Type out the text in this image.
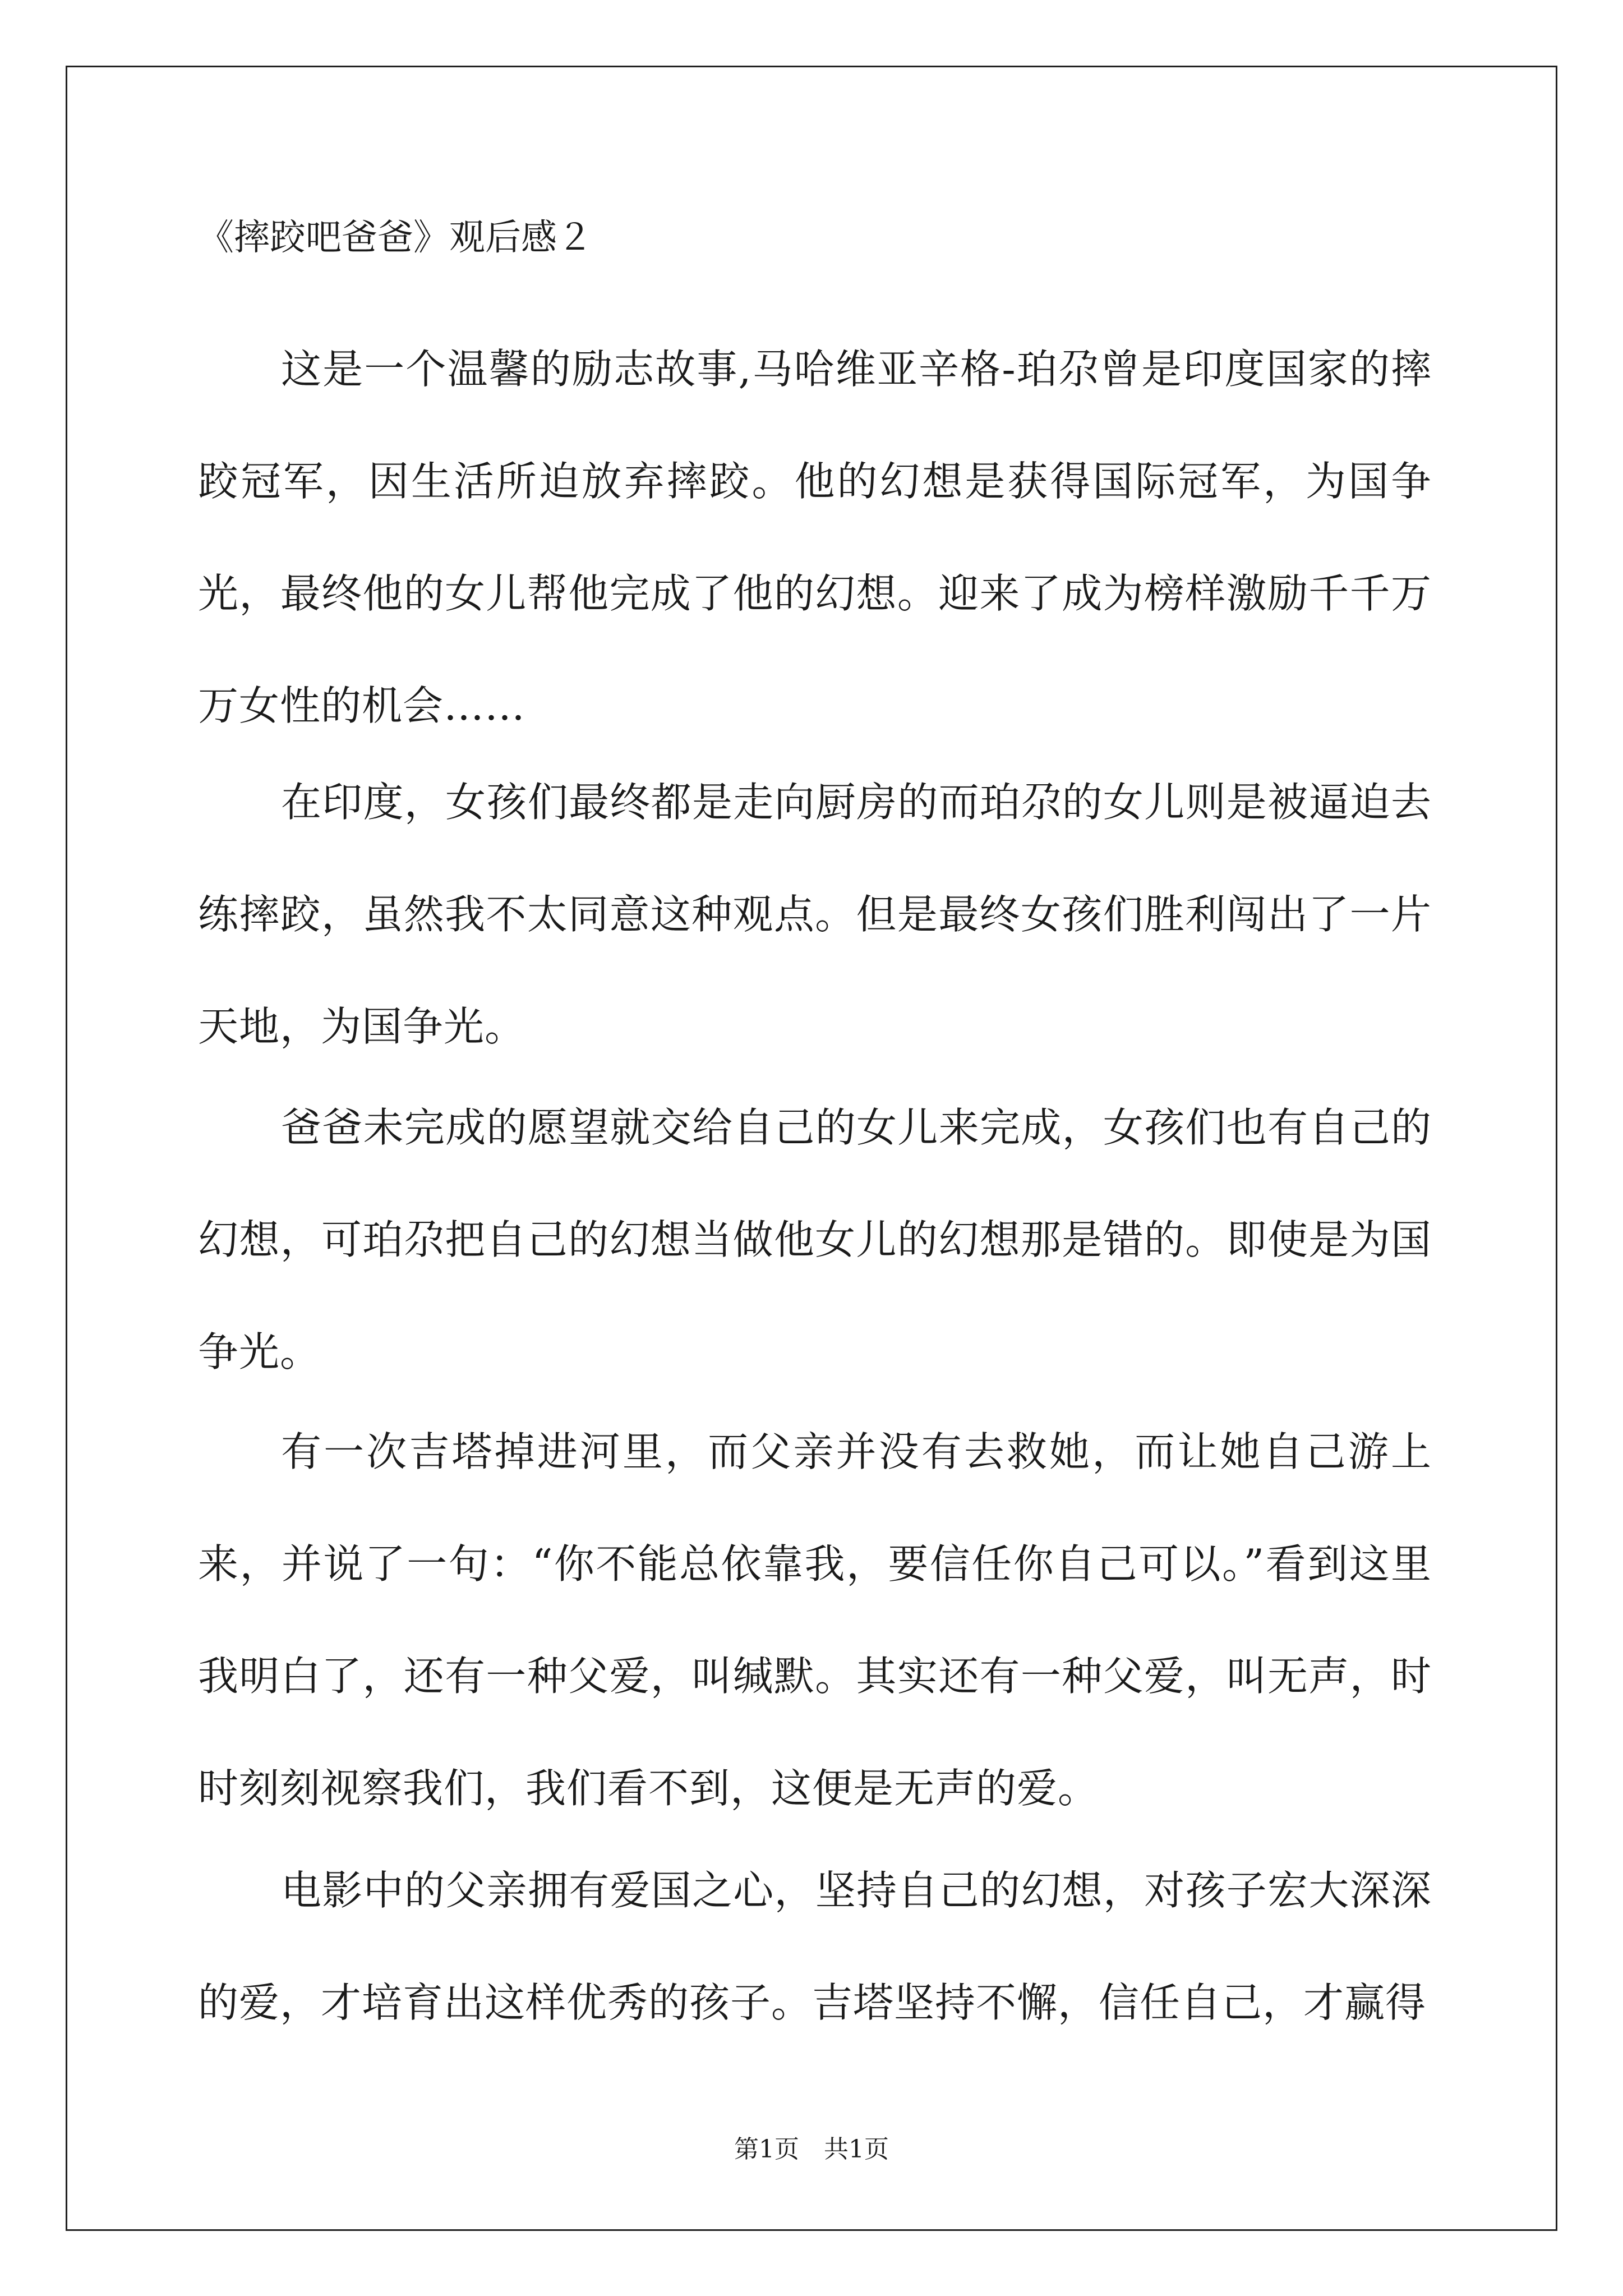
《摔跤吧爸爸》观后感２

这是一个温馨的励志故事,马哈维亚辛格-珀尕曾是印度国家的摔跤冠军，因生活所迫放弃摔跤。他的幻想是获得国际冠军，为国争光，最终他的女儿帮他完成了他的幻想。迎来了成为榜样激励千千万万女性的机会……

在印度，女孩们最终都是走向厨房的而珀尕的女儿则是被逼迫去练摔跤，虽然我不太同意这种观点。但是最终女孩们胜利闯出了一片天地，为国争光。

爸爸未完成的愿望就交给自己的女儿来完成，女孩们也有自己的幻想，可珀尕把自己的幻想当做他女儿的幻想那是错的。即使是为国争光。

有一次吉塔掉进河里，而父亲并没有去救她，而让她自己游上来，并说了一句：“你不能总依靠我，要信任你自己可以。”看到这里我明白了，还有一种父爱，叫缄默。其实还有一种父爱，叫无声，时时刻刻视察我们，我们看不到，这便是无声的爱。

电影中的父亲拥有爱国之心，坚持自己的幻想，对孩子宏大深深的爱，才培育出这样优秀的孩子。吉塔坚持不懈，信任自己，才赢得

第1页　共1页
